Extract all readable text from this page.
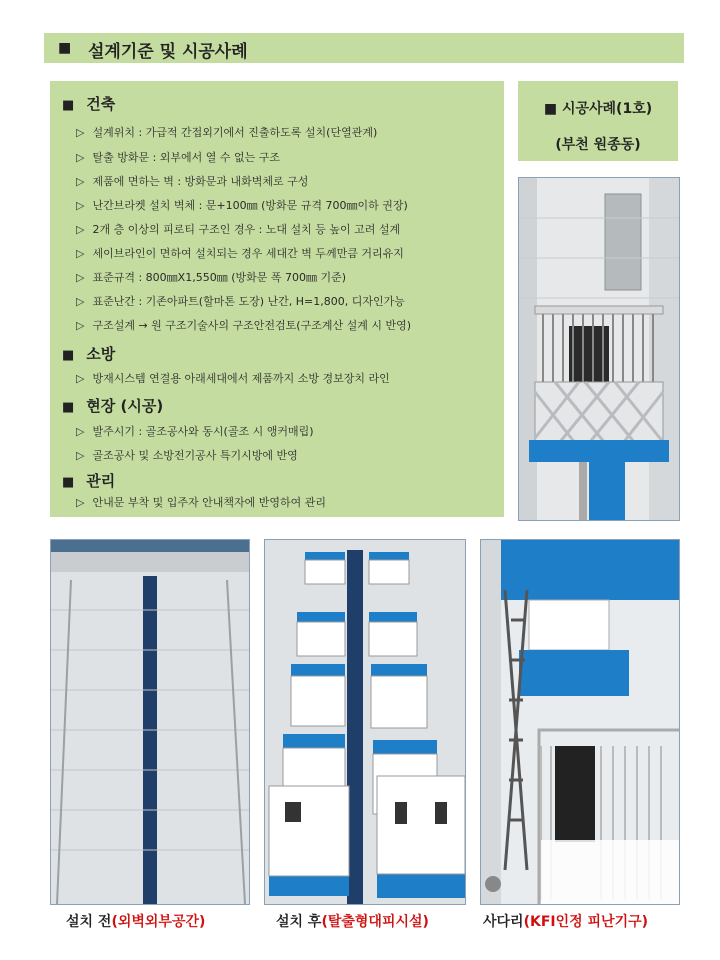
■ 설계기준 및 시공사례
■ 건축
▷ 설계위치 : 가급적 간접외기에서 진출하도록 설치(단열관계)
▷ 탈출 방화문 : 외부에서 열 수 없는 구조
▷ 제품에 면하는 벽 : 방화문과 내화벽체로 구성
▷ 난간브라켓 설치 벽체 : 문+100㎜ (방화문 규격 700㎜이하 권장)
▷ 2개 층 이상의 피로티 구조인 경우 : 노대 설치 등 높이 고려 설계
▷ 세이브라인이 면하여 설치되는 경우 세대간 벽 두께만큼 거리유지
▷ 표준규격 : 800㎜X1,550㎜ (방화문 폭 700㎜ 기준)
▷ 표준난간 : 기존아파트(할마톤 도장) 난간, H=1,800, 디자인가능
▷ 구조설계 → 원 구조기술사의 구조안전검토(구조계산 설계 시 반영)
■ 소방
▷ 방재시스템 연결용 아래세대에서 제품까지 소방 경보장치 라인
■ 현장 (시공)
▷ 발주시기 : 골조공사와 동시(골조 시 앵커매립)
▷ 골조공사 및 소방전기공사 특기시방에 반영
■ 관리
▷ 안내문 부착 및 입주자 안내책자에 반영하여 관리
■ 시공사례(1호)
(부천 원종동)
설치 전(외벽외부공간)	설치 후(탈출형대피시설)	사다리(KFI인정 피난기구)
